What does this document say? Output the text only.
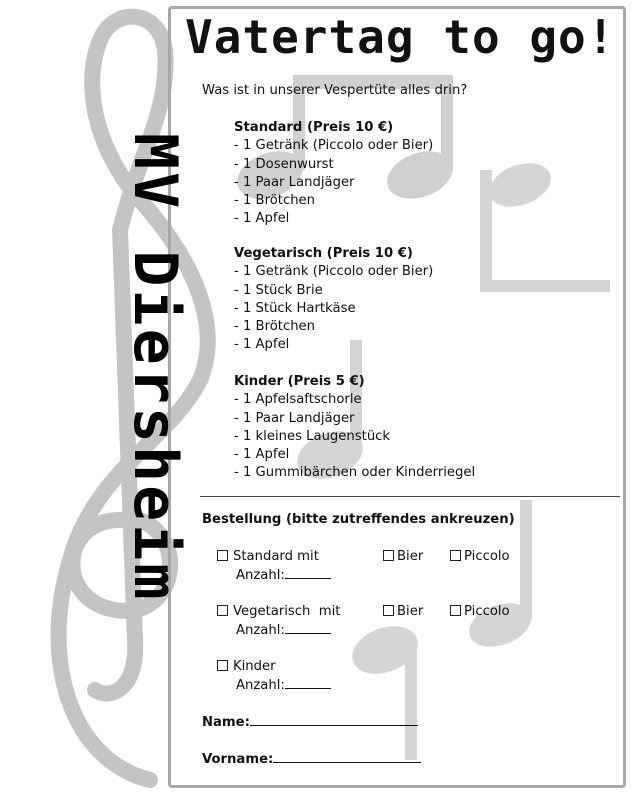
MV Diersheim
Vatertag to go!
Was ist in unserer Vespertüte alles drin?
Standard (Preis 10 €)
- 1 Getränk (Piccolo oder Bier)
- 1 Dosenwurst
- 1 Paar Landjäger
- 1 Brötchen
- 1 Apfel
Vegetarisch (Preis 10 €)
- 1 Getränk (Piccolo oder Bier)
- 1 Stück Brie
- 1 Stück Hartkäse
- 1 Brötchen
- 1 Apfel
Kinder (Preis 5 €)
- 1 Apfelsaftschorle
- 1 Paar Landjäger
- 1 kleines Laugenstück
- 1 Apfel
- 1 Gummibärchen oder Kinderriegel
Bestellung (bitte zutreffendes ankreuzen)
Standard mit
Anzahl:
Bier	Piccolo
Vegetarisch  mit
Anzahl:
Bier	Piccolo
Kinder
Anzahl:
Name:
Vorname:
